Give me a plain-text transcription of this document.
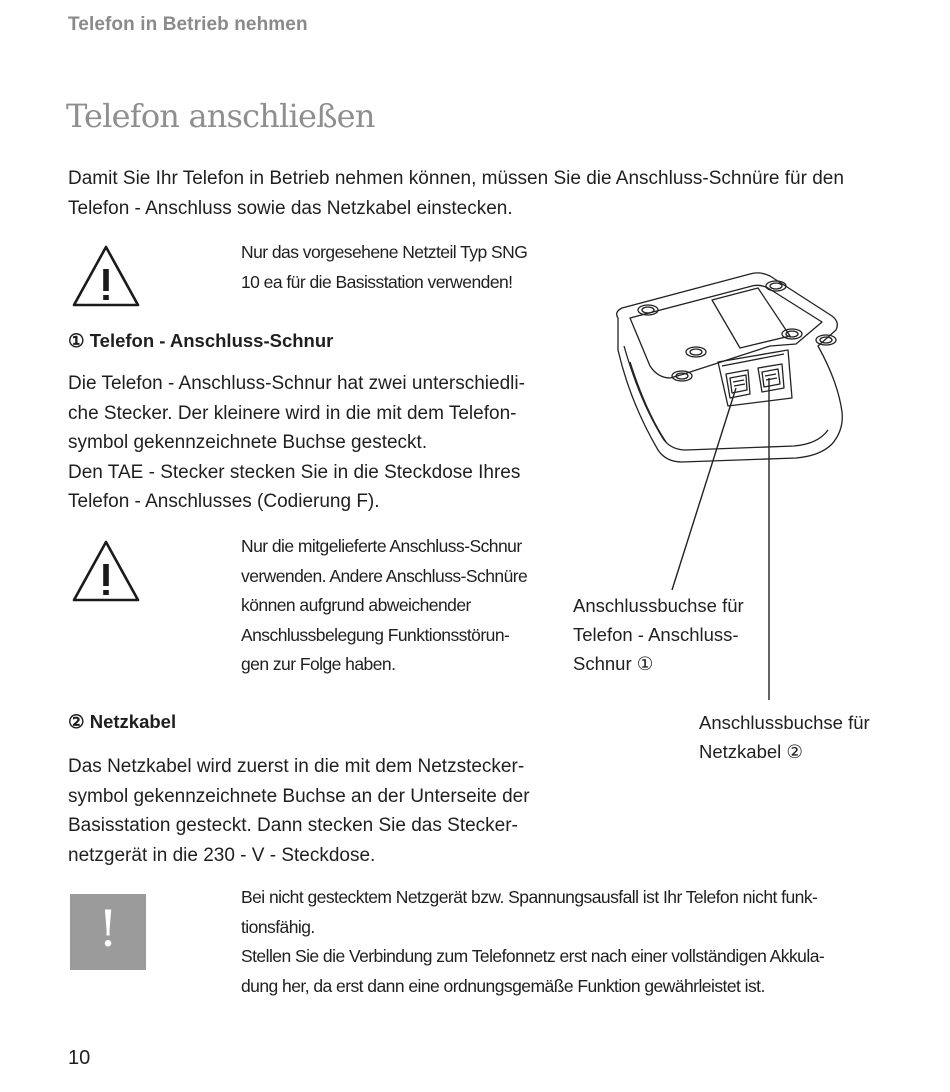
Telefon in Betrieb nehmen
Telefon anschließen
Damit Sie Ihr Telefon in Betrieb nehmen können, müssen Sie die Anschluss-Schnüre für den
Telefon - Anschluss sowie das Netzkabel einstecken.
Nur das vorgesehene Netzteil Typ SNG
10 ea für die Basisstation verwenden!
① Telefon - Anschluss-Schnur
Die Telefon - Anschluss-Schnur hat zwei unterschiedli-
che Stecker. Der kleinere wird in die mit dem Telefon-
symbol gekennzeichnete Buchse gesteckt.
Den TAE - Stecker stecken Sie in die Steckdose Ihres
Telefon - Anschlusses (Codierung F).
Nur die mitgelieferte Anschluss-Schnur
verwenden. Andere Anschluss-Schnüre
können aufgrund abweichender
Anschlussbelegung Funktionsstörun-
gen zur Folge haben.
Anschlussbuchse für
Telefon - Anschluss-
Schnur ①
Anschlussbuchse für
Netzkabel ②
② Netzkabel
Das Netzkabel wird zuerst in die mit dem Netzstecker-
symbol gekennzeichnete Buchse an der Unterseite der
Basisstation gesteckt. Dann stecken Sie das Stecker-
netzgerät in die 230 - V - Steckdose.
!
Bei nicht gestecktem Netzgerät bzw. Spannungsausfall ist Ihr Telefon nicht funk-
tionsfähig.
Stellen Sie die Verbindung zum Telefonnetz erst nach einer vollständigen Akkula-
dung her, da erst dann eine ordnungsgemäße Funktion gewährleistet ist.
10
